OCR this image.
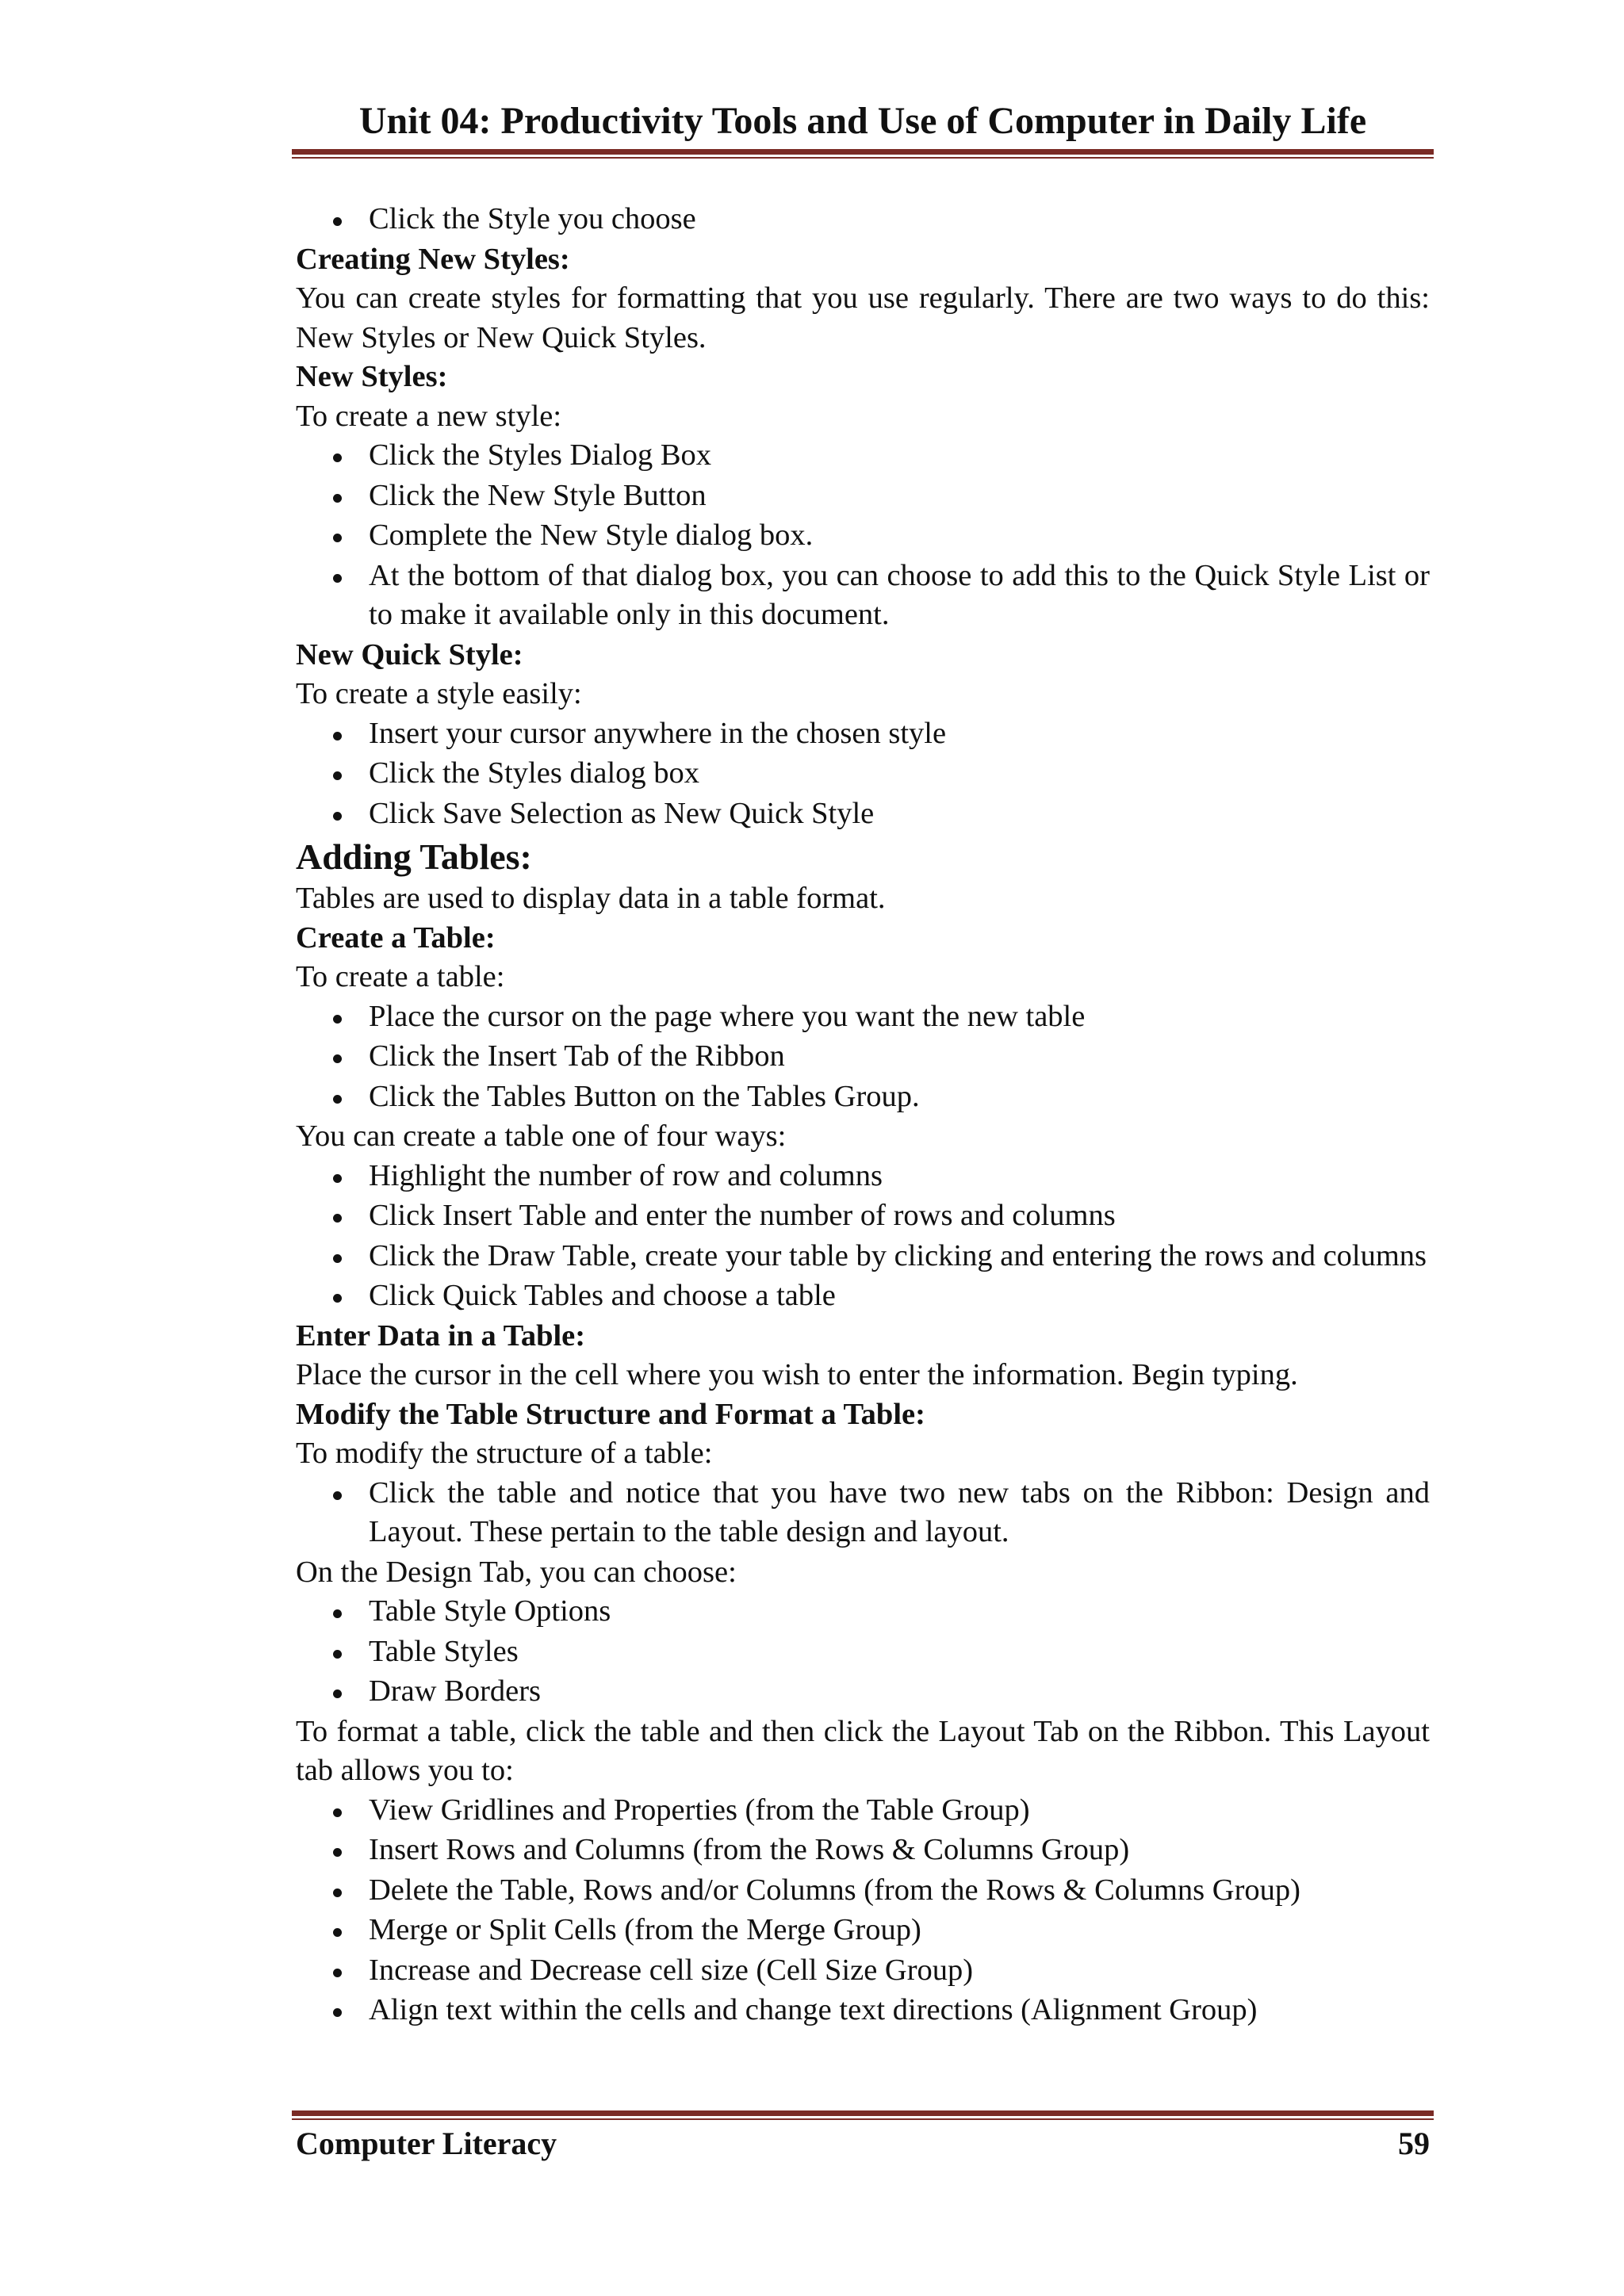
Unit 04: Productivity Tools and Use of Computer in Daily Life
Click the Style you choose

Creating New Styles:

You can create styles for formatting that you use regularly. There are two ways to do this: New Styles or New Quick Styles.

New Styles:

To create a new style:

Click the Styles Dialog Box
Click the New Style Button
Complete the New Style dialog box.
At the bottom of that dialog box, you can choose to add this to the Quick Style List or to make it available only in this document.

New Quick Style:

To create a style easily:

Insert your cursor anywhere in the chosen style
Click the Styles dialog box
Click Save Selection as New Quick Style

Adding Tables:

Tables are used to display data in a table format.

Create a Table:

To create a table:

Place the cursor on the page where you want the new table
Click the Insert Tab of the Ribbon
Click the Tables Button on the Tables Group.

You can create a table one of four ways:

Highlight the number of row and columns
Click Insert Table and enter the number of rows and columns
Click the Draw Table, create your table by clicking and entering the rows and columns
Click Quick Tables and choose a table

Enter Data in a Table:

Place the cursor in the cell where you wish to enter the information. Begin typing.

Modify the Table Structure and Format a Table:

To modify the structure of a table:

Click the table and notice that you have two new tabs on the Ribbon: Design and Layout. These pertain to the table design and layout.

On the Design Tab, you can choose:

Table Style Options
Table Styles
Draw Borders

To format a table, click the table and then click the Layout Tab on the Ribbon. This Layout tab allows you to:

View Gridlines and Properties (from the Table Group)
Insert Rows and Columns (from the Rows & Columns Group)
Delete the Table, Rows and/or Columns (from the Rows & Columns Group)
Merge or Split Cells (from the Merge Group)
Increase and Decrease cell size (Cell Size Group)
Align text within the cells and change text directions (Alignment Group)
Computer Literacy	59
